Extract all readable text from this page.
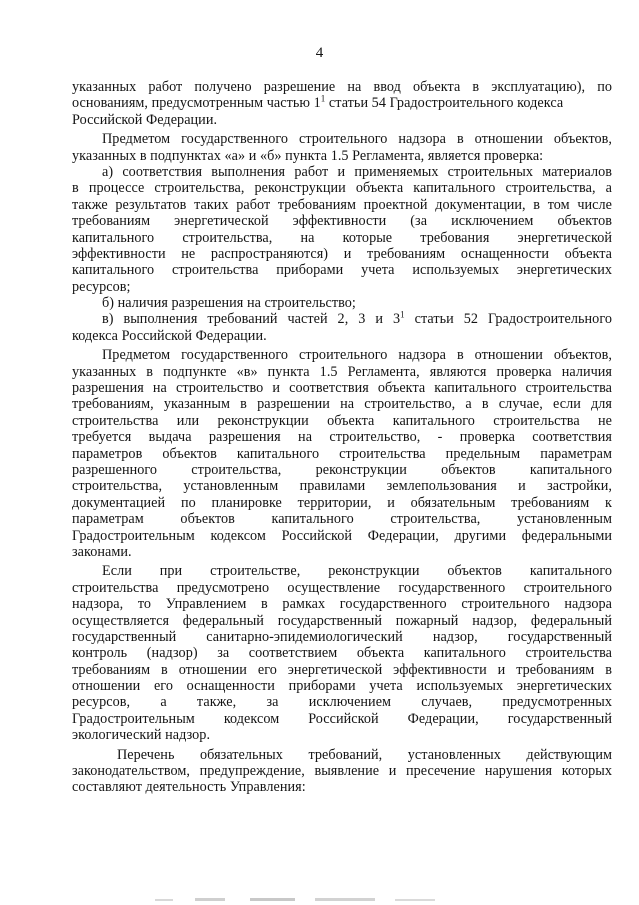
4
указанных работ получено разрешение на ввод объекта в эксплуатацию), по
основаниям, предусмотренным частью $1^1$ статьи 54 Градостроительного кодекса
Российской Федерации.
Предметом государственного строительного надзора в отношении объектов,
указанных в подпунктах «а» и «б» пункта 1.5 Регламента, является проверка:
а) соответствия выполнения работ и применяемых строительных материалов
в процессе строительства, реконструкции объекта капитального строительства, а
также результатов таких работ требованиям проектной документации, в том числе
требованиям энергетической эффективности (за исключением объектов
капитального строительства, на которые требования энергетической
эффективности не распространяются) и требованиям оснащенности объекта
капитального строительства приборами учета используемых энергетических
ресурсов;
б) наличия разрешения на строительство;
в) выполнения требований частей 2, 3 и $3^1$ статьи 52 Градостроительного
кодекса Российской Федерации.
Предметом государственного строительного надзора в отношении объектов,
указанных в подпункте «в» пункта 1.5 Регламента, являются проверка наличия
разрешения на строительство и соответствия объекта капитального строительства
требованиям, указанным в разрешении на строительство, а в случае, если для
строительства или реконструкции объекта капитального строительства не
требуется выдача разрешения на строительство, - проверка соответствия
параметров объектов капитального строительства предельным параметрам
разрешенного строительства, реконструкции объектов капитального
строительства, установленным правилами землепользования и застройки,
документацией по планировке территории, и обязательным требованиям к
параметрам объектов капитального строительства, установленным
Градостроительным кодексом Российской Федерации, другими федеральными
законами.
Если при строительстве, реконструкции объектов капитального
строительства предусмотрено осуществление государственного строительного
надзора, то Управлением в рамках государственного строительного надзора
осуществляется федеральный государственный пожарный надзор, федеральный
государственный санитарно-эпидемиологический надзор, государственный
контроль (надзор) за соответствием объекта капитального строительства
требованиям в отношении его энергетической эффективности и требованиям в
отношении его оснащенности приборами учета используемых энергетических
ресурсов, а также, за исключением случаев, предусмотренных
Градостроительным кодексом Российской Федерации, государственный
экологический надзор.
Перечень обязательных требований, установленных действующим
законодательством, предупреждение, выявление и пресечение нарушения которых
составляют деятельность Управления:
